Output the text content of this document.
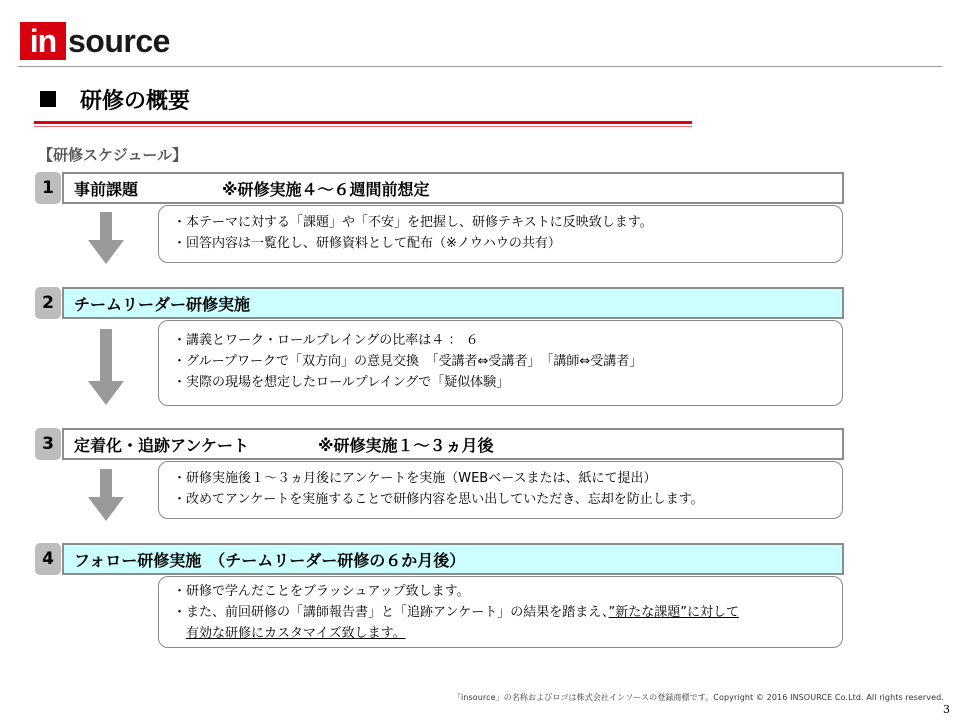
in source
研修の概要
【研修スケジュール】
1	事前課題	※研修実施４～６週間前想定
・本テーマに対する「課題」や「不安」を把握し、研修テキストに反映致します。
・回答内容は一覧化し、研修資料として配布（※ノウハウの共有）
2	チームリーダー研修実施
・講義とワーク・ロールプレイングの比率は４ ： ６
・グループワークで「双方向」の意見交換　「受講者⇔受講者」　「講師⇔受講者」
・実際の現場を想定したロールプレイングで「疑似体験」
3	定着化・追跡アンケート	※研修実施１～３ヵ月後
・研修実施後１～３ヵ月後にアンケートを実施（WEBベースまたは、紙にて提出）
・改めてアンケートを実施することで研修内容を思い出していただき、忘却を防止します。
4	フォロー研修実施　（チームリーダー研修の６か月後）
・研修で学んだことをブラッシュアップ致します。
・また、前回研修の「講師報告書」と「追跡アンケート」の結果を踏まえ、”新たな課題”に対して
有効な研修にカスタマイズ致します。
「insource」の名称およびロゴは株式会社インソースの登録商標です。Copyright © 2016 INSOURCE Co.Ltd. All rights reserved.
3
